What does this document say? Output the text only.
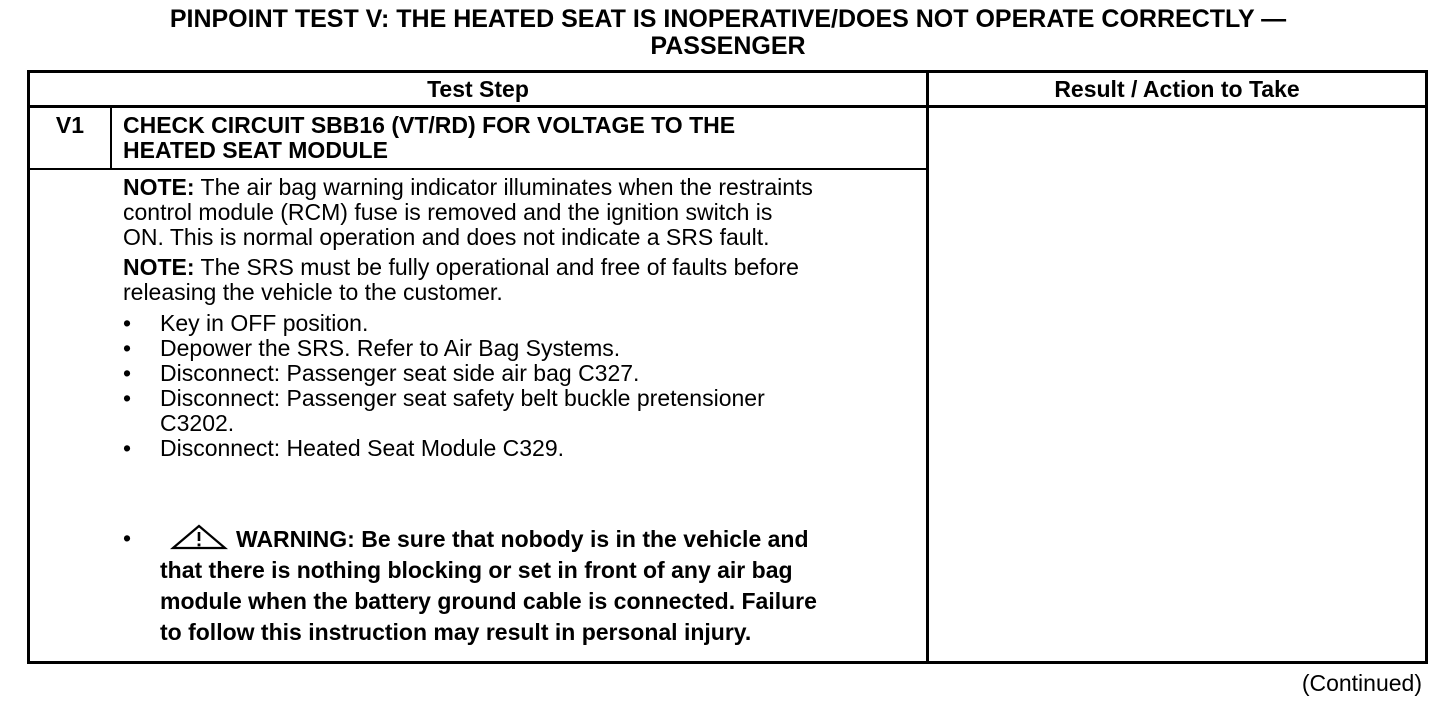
PINPOINT TEST V: THE HEATED SEAT IS INOPERATIVE/DOES NOT OPERATE CORRECTLY —
PASSENGER
Test Step	Result / Action to Take
V1	CHECK CIRCUIT SBB16 (VT/RD) FOR VOLTAGE TO THE
HEATED SEAT MODULE
NOTE: The air bag warning indicator illuminates when the restraints
control module (RCM) fuse is removed and the ignition switch is
ON. This is normal operation and does not indicate a SRS fault.
NOTE: The SRS must be fully operational and free of faults before
releasing the vehicle to the customer.
• Key in OFF position.
• Depower the SRS. Refer to Air Bag Systems.
• Disconnect: Passenger seat side air bag C327.
• Disconnect: Passenger seat safety belt buckle pretensioner
C3202.
• Disconnect: Heated Seat Module C329.
•	WARNING: Be sure that nobody is in the vehicle and
that there is nothing blocking or set in front of any air bag
module when the battery ground cable is connected. Failure
to follow this instruction may result in personal injury.
(Continued)
